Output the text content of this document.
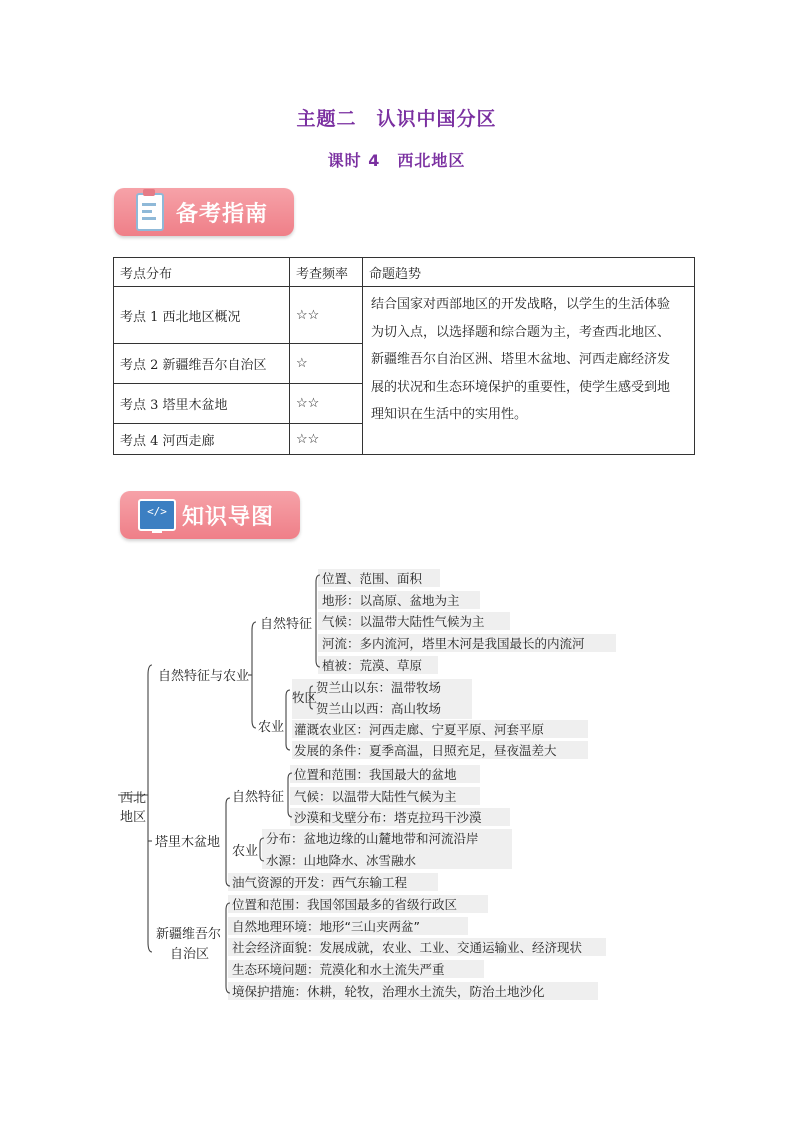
主题二　认识中国分区
课时 4　西北地区
备考指南
考点分布	考查频率	命题趋势
考点 1 西北地区概况	☆☆	结合国家对西部地区的开发战略，以学生的生活体验
为切入点，以选择题和综合题为主，考查西北地区、
新疆维吾尔自治区洲、塔里木盆地、河西走廊经济发
展的状况和生态环境保护的重要性，使学生感受到地
理知识在生活中的实用性。

考点 2 新疆维吾尔自治区	☆	
考点 3 塔里木盆地	☆☆	
考点 4 河西走廊	☆☆	
</> 知识导图
西北
地区
自然特征与农业
自然特征
位置、范围、面积
地形：以高原、盆地为主
气候：以温带大陆性气候为主
河流：多内流河，塔里木河是我国最长的内流河
植被：荒漠、草原
农业
牧区
贺兰山以东：温带牧场
贺兰山以西：高山牧场
灌溉农业区：河西走廊、宁夏平原、河套平原
发展的条件：夏季高温，日照充足，昼夜温差大
塔里木盆地
自然特征
位置和范围：我国最大的盆地
气候：以温带大陆性气候为主
沙漠和戈壁分布：塔克拉玛干沙漠
农业
分布：盆地边缘的山麓地带和河流沿岸
水源：山地降水、冰雪融水
油气资源的开发：西气东输工程
新疆维吾尔
自治区
位置和范围：我国邻国最多的省级行政区
自然地理环境：地形“三山夹两盆”
社会经济面貌：发展成就，农业、工业、交通运输业、经济现状
生态环境问题：荒漠化和水土流失严重
境保护措施：休耕，轮牧，治理水土流失，防治土地沙化
